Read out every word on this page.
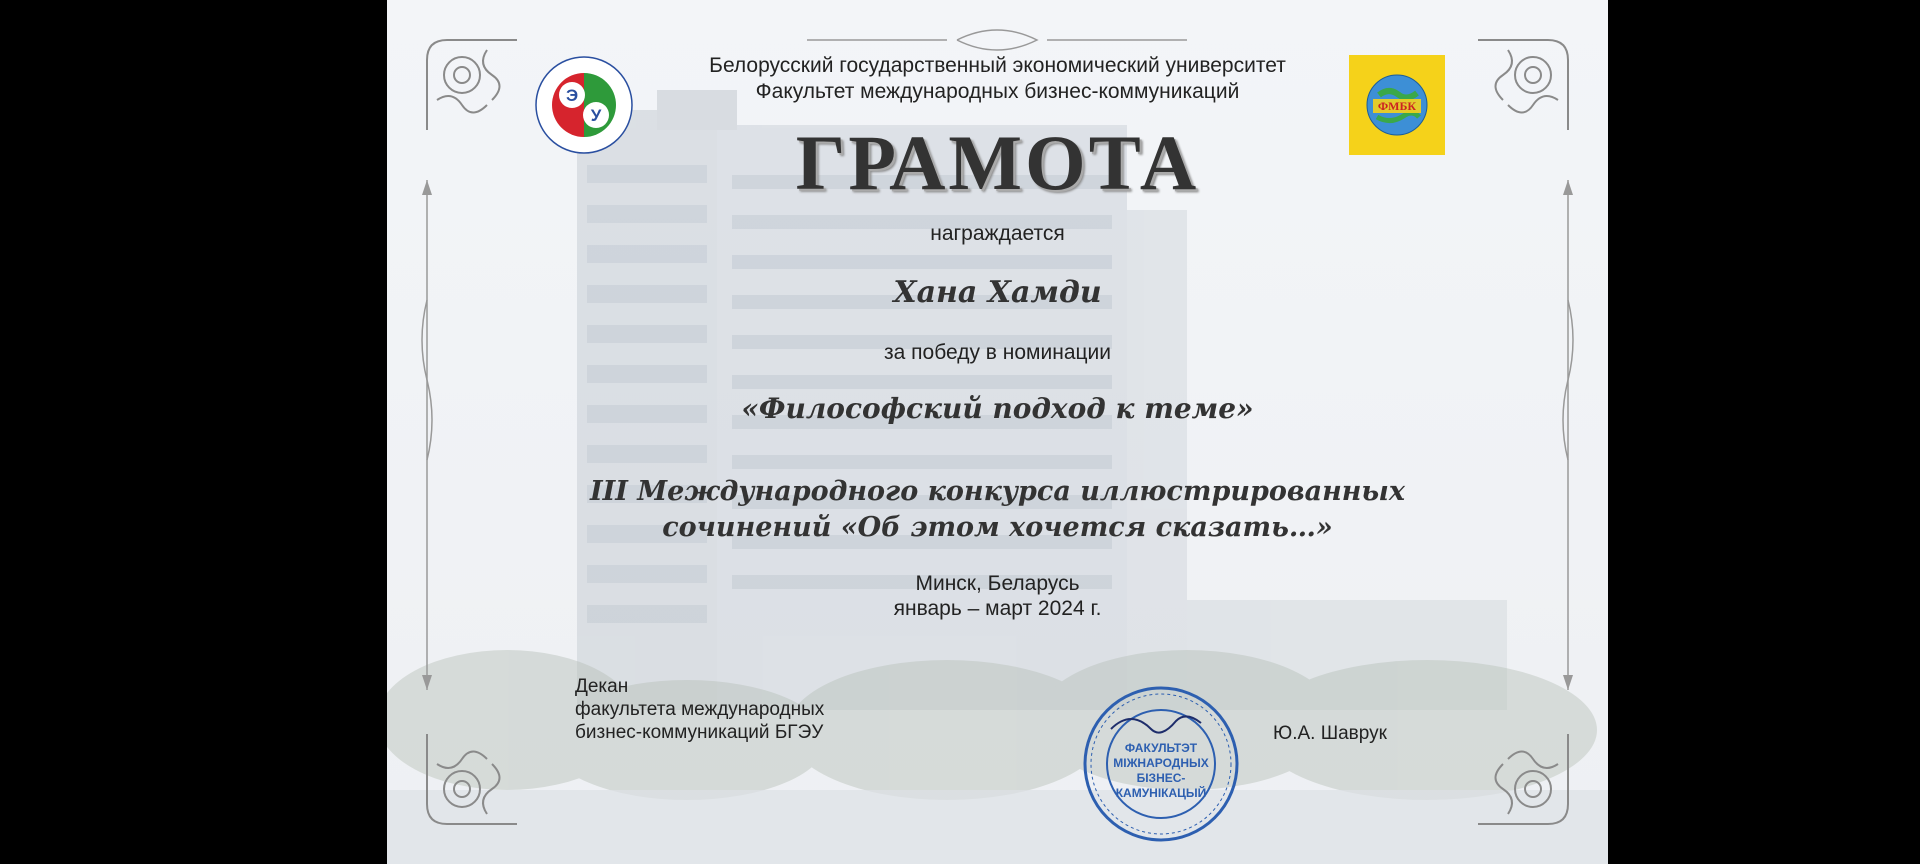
Э
У	ФМБК
Белорусский государственный экономический университет
Факультет международных бизнес-коммуникаций
ГРАМОТА
награждается
Хана Хамди
за победу в номинации
«Философский подход к теме»
III Международного конкурса иллюстрированных
сочинений «Об этом хочется сказать…»
Минск, Беларусь
январь – март 2024 г.
Декан
факультета международных
бизнес-коммуникаций БГЭУ	Ю.А. Шаврук
ФАКУЛЬТЭТ
МІЖНАРОДНЫХ
БІЗНЕС-
КАМУНІКАЦЫЙ
